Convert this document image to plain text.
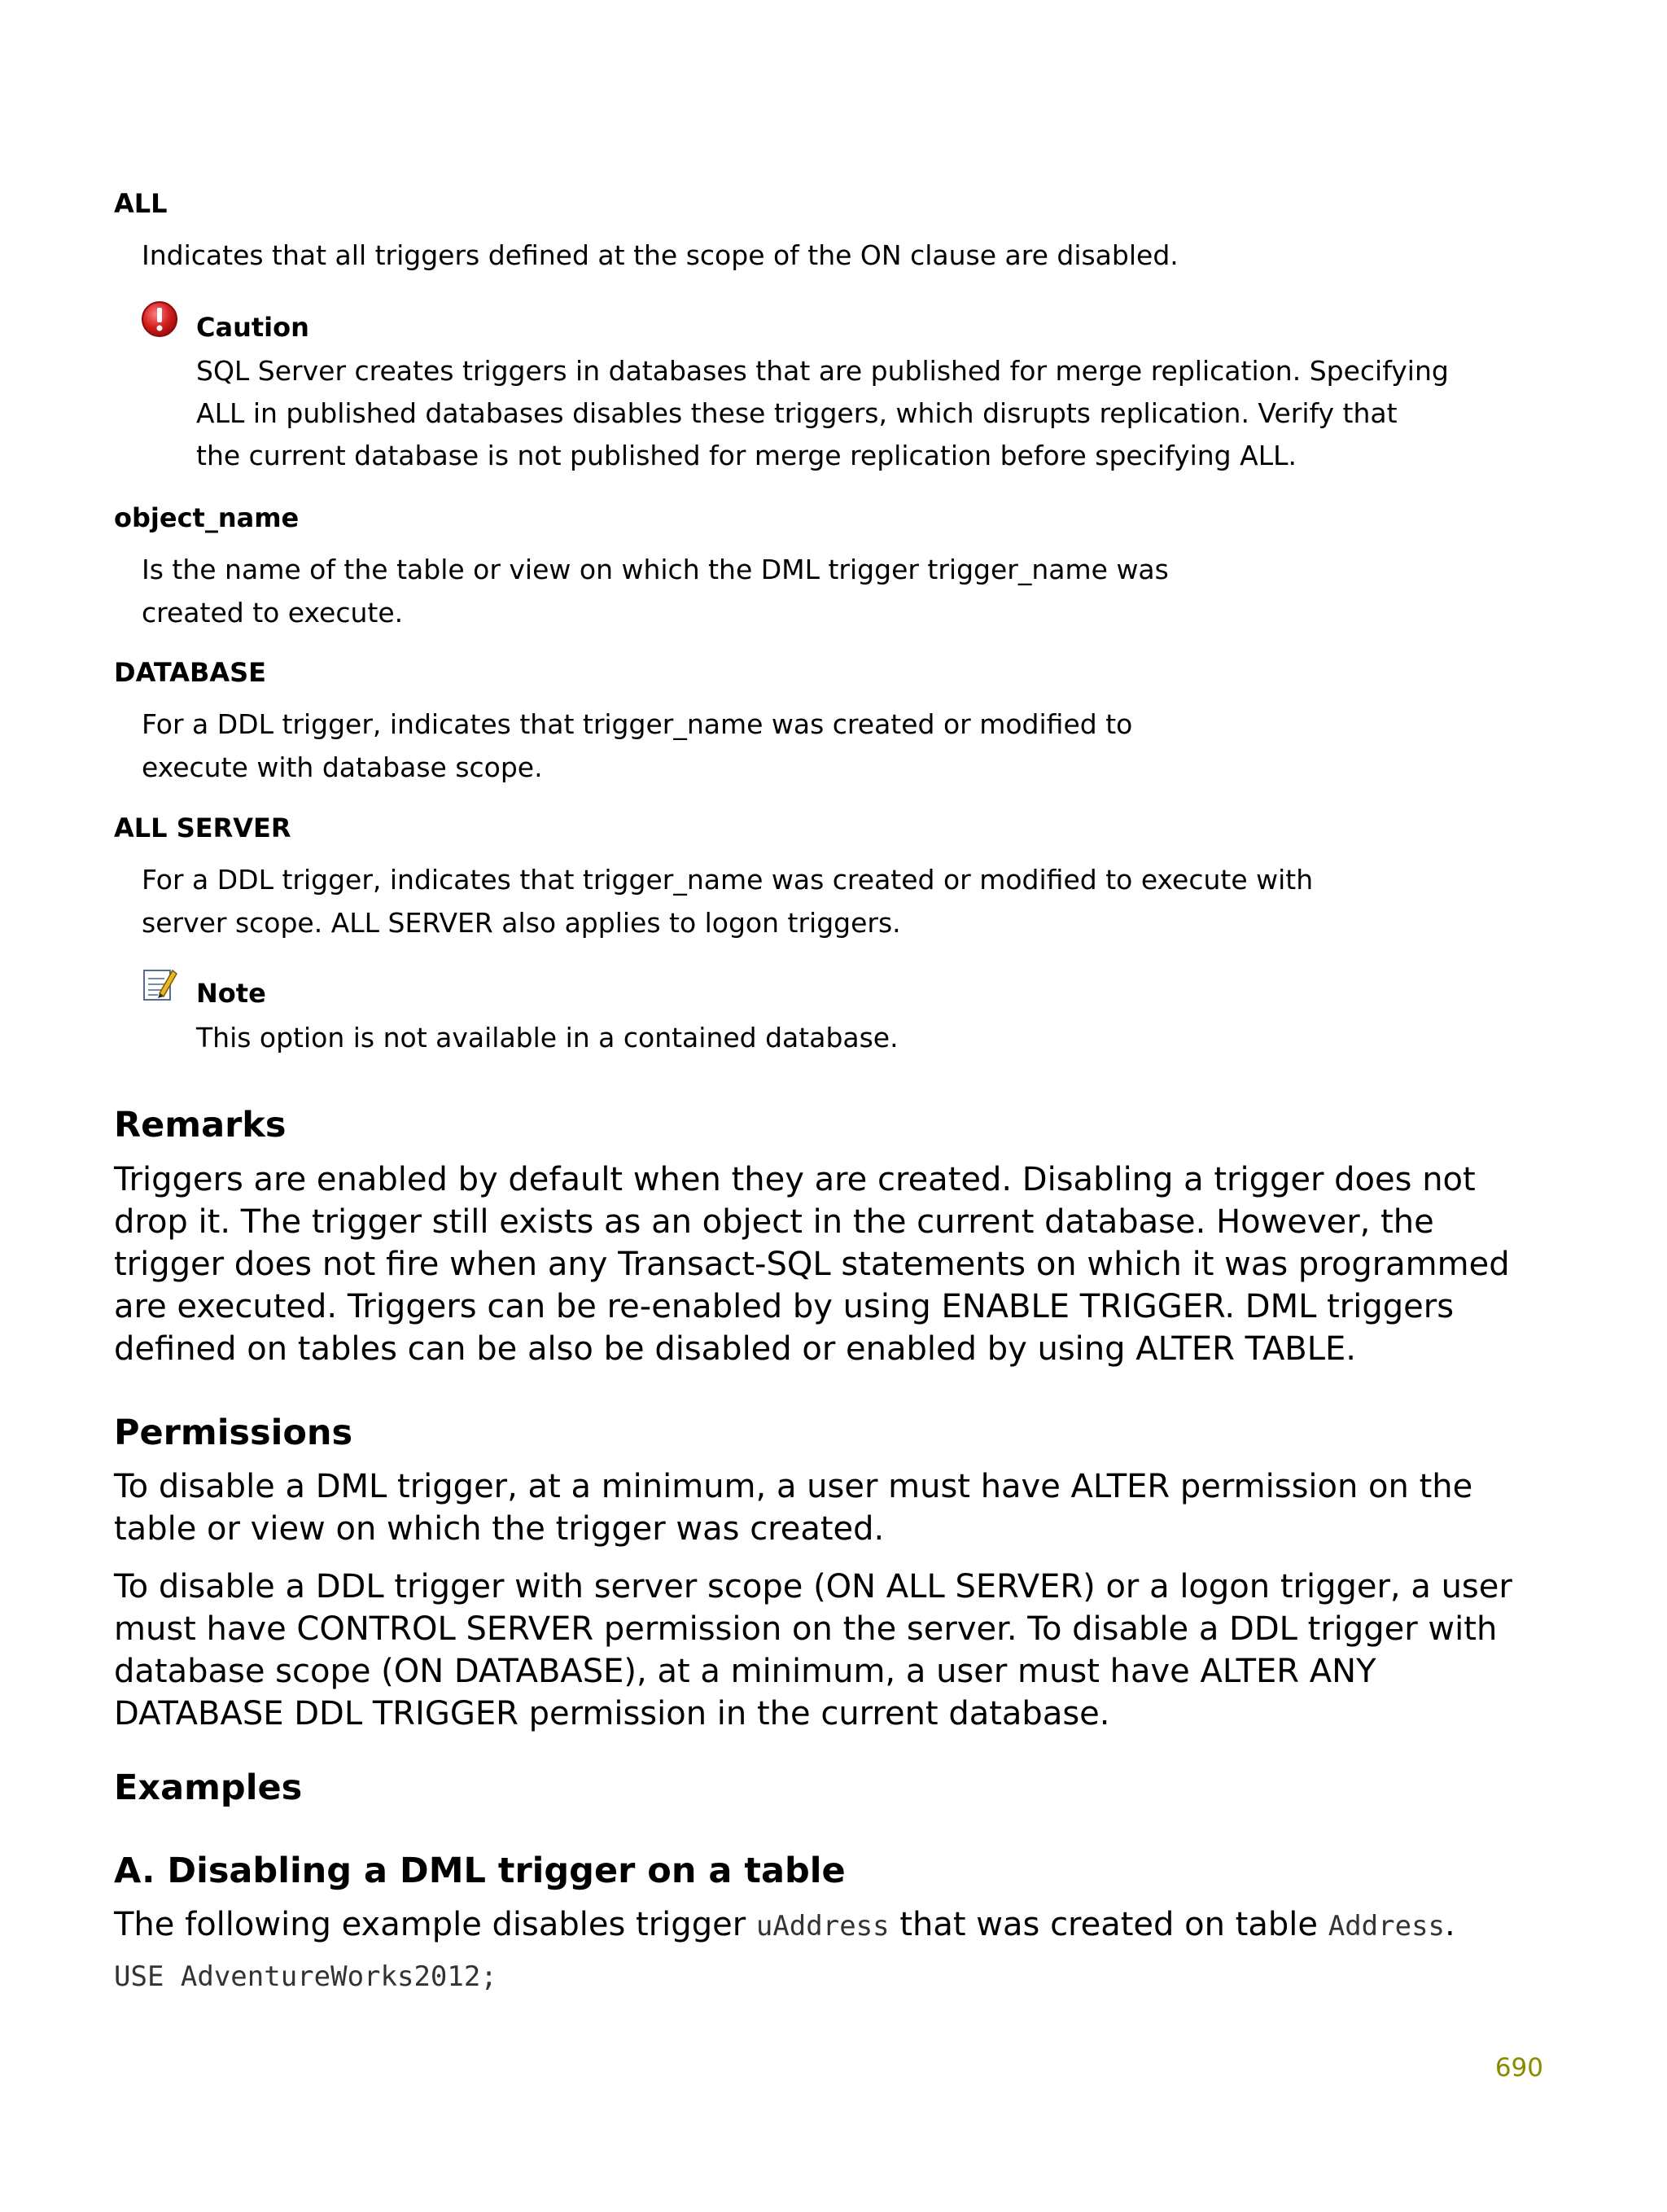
ALL
Indicates that all triggers defined at the scope of the ON clause are disabled.
Caution
SQL Server creates triggers in databases that are published for merge replication. Specifying ALL in published databases disables these triggers, which disrupts replication. Verify that the current database is not published for merge replication before specifying ALL.
object_name
Is the name of the table or view on which the DML trigger trigger_name was created to execute.
DATABASE
For a DDL trigger, indicates that trigger_name was created or modified to execute with database scope.
ALL SERVER
For a DDL trigger, indicates that trigger_name was created or modified to execute with server scope. ALL SERVER also applies to logon triggers.
Note
This option is not available in a contained database.
Remarks

Triggers are enabled by default when they are created. Disabling a trigger does not drop it. The trigger still exists as an object in the current database. However, the trigger does not fire when any Transact-SQL statements on which it was programmed are executed. Triggers can be re-enabled by using ENABLE TRIGGER. DML triggers defined on tables can be also be disabled or enabled by using ALTER TABLE.

Permissions

To disable a DML trigger, at a minimum, a user must have ALTER permission on the table or view on which the trigger was created.

To disable a DDL trigger with server scope (ON ALL SERVER) or a logon trigger, a user must have CONTROL SERVER permission on the server. To disable a DDL trigger with database scope (ON DATABASE), at a minimum, a user must have ALTER ANY DATABASE DDL TRIGGER permission in the current database.

Examples
A. Disabling a DML trigger on a table

The following example disables trigger uAddress that was created on table Address.

USE AdventureWorks2012;
690
